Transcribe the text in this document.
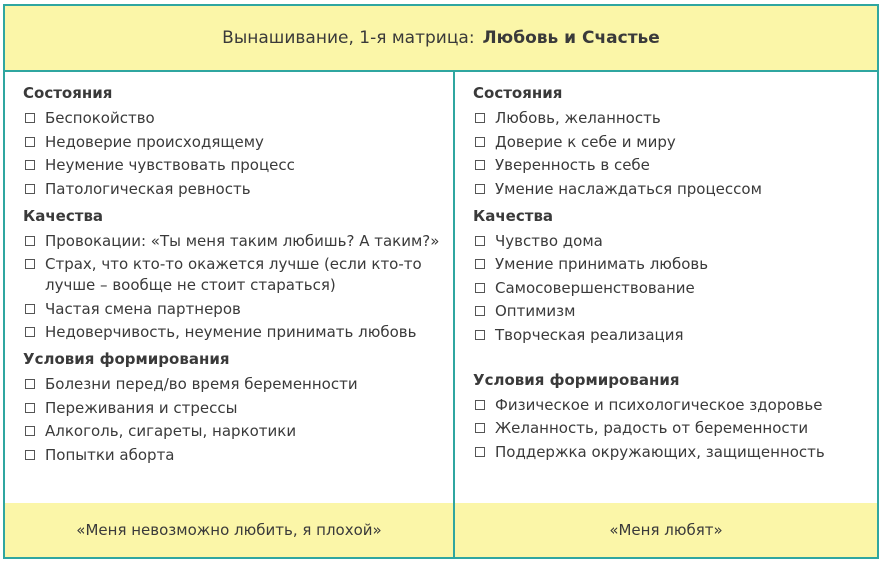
Вынашивание, 1-я матрица: Любовь и Счастье
Состояния
Беспокойство
Недоверие происходящему
Неумение чувствовать процесс
Патологическая ревность
Качества
Провокации: «Ты меня таким любишь? А таким?»
Страх, что кто-то окажется лучше (если кто-то лучше – вообще не стоит стараться)
Частая смена партнеров
Недоверчивость, неумение принимать любовь
Условия формирования
Болезни перед/во время беременности
Переживания и стрессы
Алкоголь, сигареты, наркотики
Попытки аборта
Состояния
Любовь, желанность
Доверие к себе и миру
Уверенность в себе
Умение наслаждаться процессом
Качества
Чувство дома
Умение принимать любовь
Самосовершенствование
Оптимизм
Творческая реализация
Условия формирования
Физическое и психологическое здоровье
Желанность, радость от беременности
Поддержка окружающих, защищенность
«Меня невозможно любить, я плохой»	«Меня любят»
